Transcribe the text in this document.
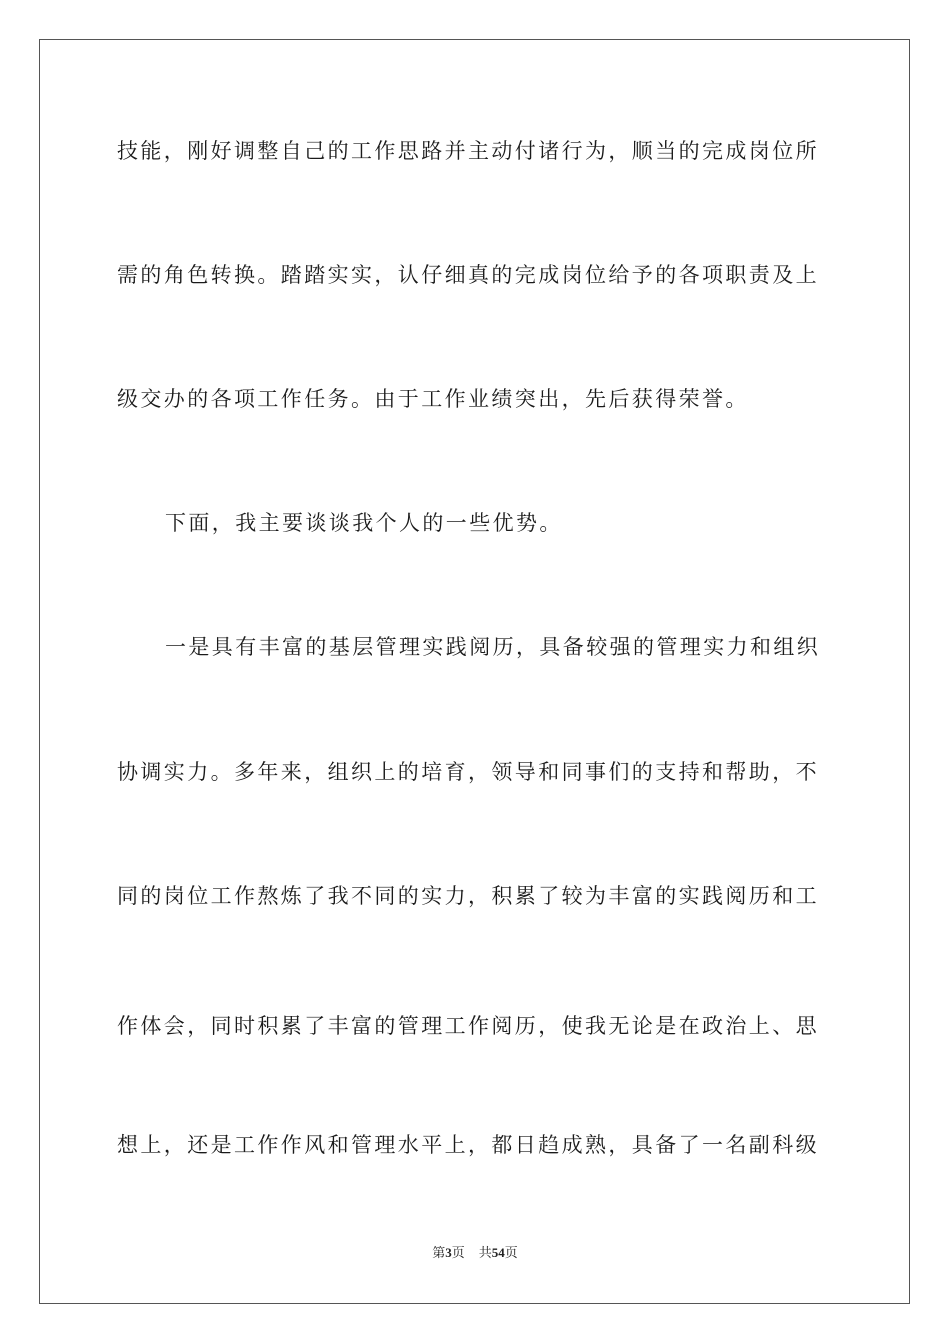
技能，刚好调整自己的工作思路并主动付诸行为，顺当的完成岗位所
需的角色转换。踏踏实实，认仔细真的完成岗位给予的各项职责及上
级交办的各项工作任务。由于工作业绩突出，先后获得荣誉。
下面，我主要谈谈我个人的一些优势。
一是具有丰富的基层管理实践阅历，具备较强的管理实力和组织
协调实力。多年来，组织上的培育，领导和同事们的支持和帮助，不
同的岗位工作熬炼了我不同的实力，积累了较为丰富的实践阅历和工
作体会，同时积累了丰富的管理工作阅历，使我无论是在政治上、思
想上，还是工作作风和管理水平上，都日趋成熟，具备了一名副科级
第3页 共54页
